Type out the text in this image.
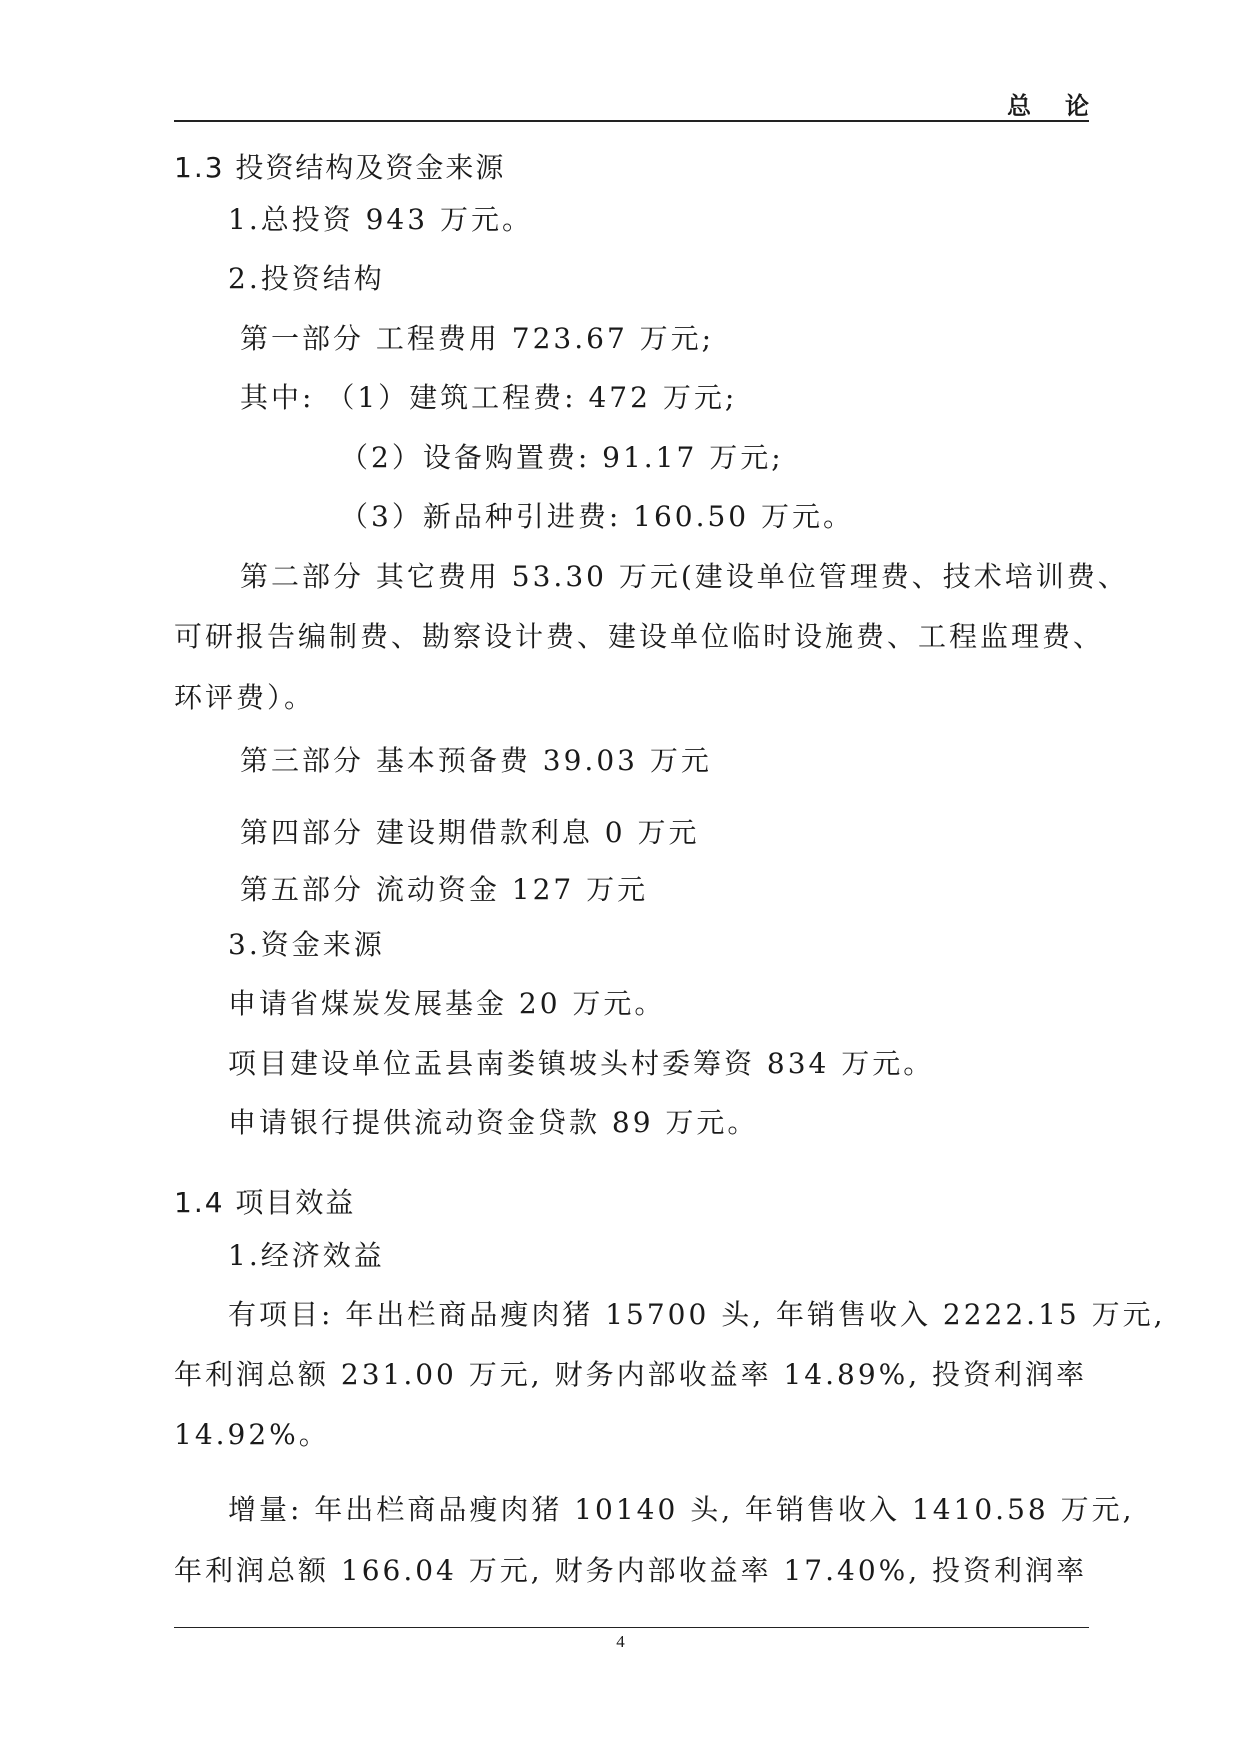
总论
1.3 投资结构及资金来源
1.总投资 943 万元。
2.投资结构
第一部分 工程费用 723.67 万元;
其中: （1）建筑工程费: 472 万元;
（2）设备购置费: 91.17 万元;
（3）新品种引进费: 160.50 万元。
第二部分 其它费用 53.30 万元(建设单位管理费、技术培训费、
可研报告编制费、勘察设计费、建设单位临时设施费、工程监理费、
环评费）。
第三部分 基本预备费 39.03 万元
第四部分 建设期借款利息 0 万元
第五部分 流动资金 127 万元
3.资金来源
申请省煤炭发展基金 20 万元。
项目建设单位盂县南娄镇坡头村委筹资 834 万元。
申请银行提供流动资金贷款 89 万元。
1.4 项目效益
1.经济效益
有项目: 年出栏商品瘦肉猪 15700 头, 年销售收入 2222.15 万元,
年利润总额 231.00 万元, 财务内部收益率 14.89%, 投资利润率
14.92%。
增量: 年出栏商品瘦肉猪 10140 头, 年销售收入 1410.58 万元,
年利润总额 166.04 万元, 财务内部收益率 17.40%, 投资利润率
4
